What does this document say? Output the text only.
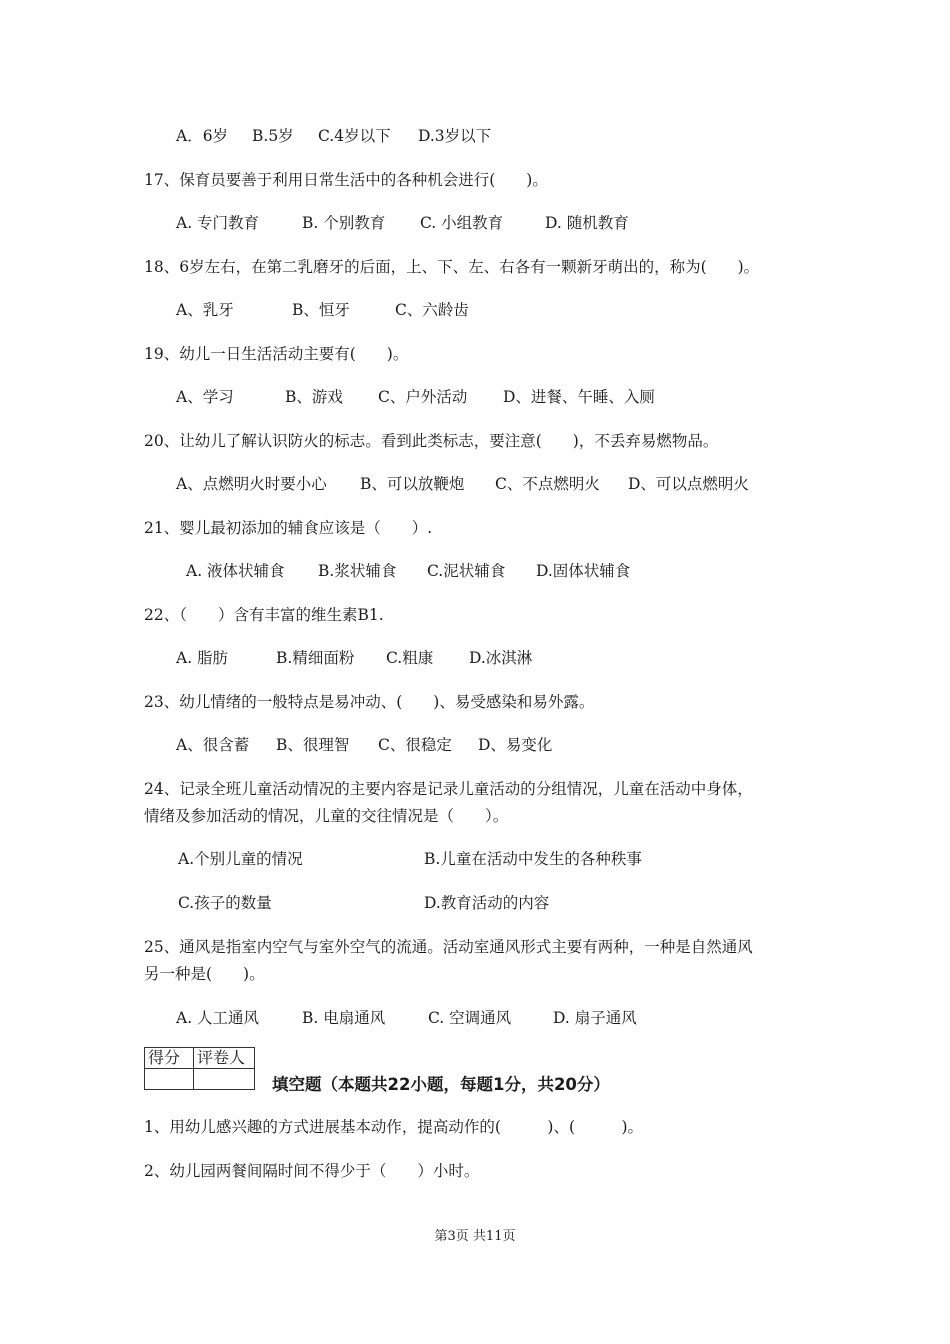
A．6岁 B.5岁 C.4岁以下 D.3岁以下
17、保育员要善于利用日常生活中的各种机会进行(　　)。
A. 专门教育	B. 个别教育 C. 小组教育	D. 随机教育
18、6岁左右，在第二乳磨牙的后面，上、下、左、右各有一颗新牙萌出的，称为(　　)。
A、乳牙	B、恒牙	C、六龄齿
19、幼儿一日生活活动主要有(　　)。
A、学习	B、游戏 C、户外活动 D、进餐、午睡、入厕
20、让幼儿了解认识防火的标志。看到此类标志，要注意(　　)，不丢弃易燃物品。
A、点燃明火时要小心 B、可以放鞭炮 C、不点燃明火 D、可以点燃明火
21、婴儿最初添加的辅食应该是（　　）.
A. 液体状辅食 B.浆状辅食 C.泥状辅食 D.固体状辅食
22、（　　）含有丰富的维生素B1.
A. 脂肪	B.精细面粉 C.粗康 D.冰淇淋
23、幼儿情绪的一般特点是易冲动、(　　)、易受感染和易外露。
A、很含蓄 B、很理智 C、很稳定 D、易变化
24、记录全班儿童活动情况的主要内容是记录儿童活动的分组情况，儿童在活动中身体，
情绪及参加活动的情况，儿童的交往情况是（　　）。
A.个别儿童的情况	B.儿童在活动中发生的各种秩事
C.孩子的数量	D.教育活动的内容
25、通风是指室内空气与室外空气的流通。活动室通风形式主要有两种，一种是自然通风
另一种是(　　)。
A. 人工通风	B. 电扇通风	C. 空调通风	D. 扇子通风
得分	评卷人

填空题（本题共22小题，每题1分，共20分）
1、用幼儿感兴趣的方式进展基本动作，提高动作的(　　　)、(　　　)。
2、幼儿园两餐间隔时间不得少于（　　）小时。
第3页 共11页
